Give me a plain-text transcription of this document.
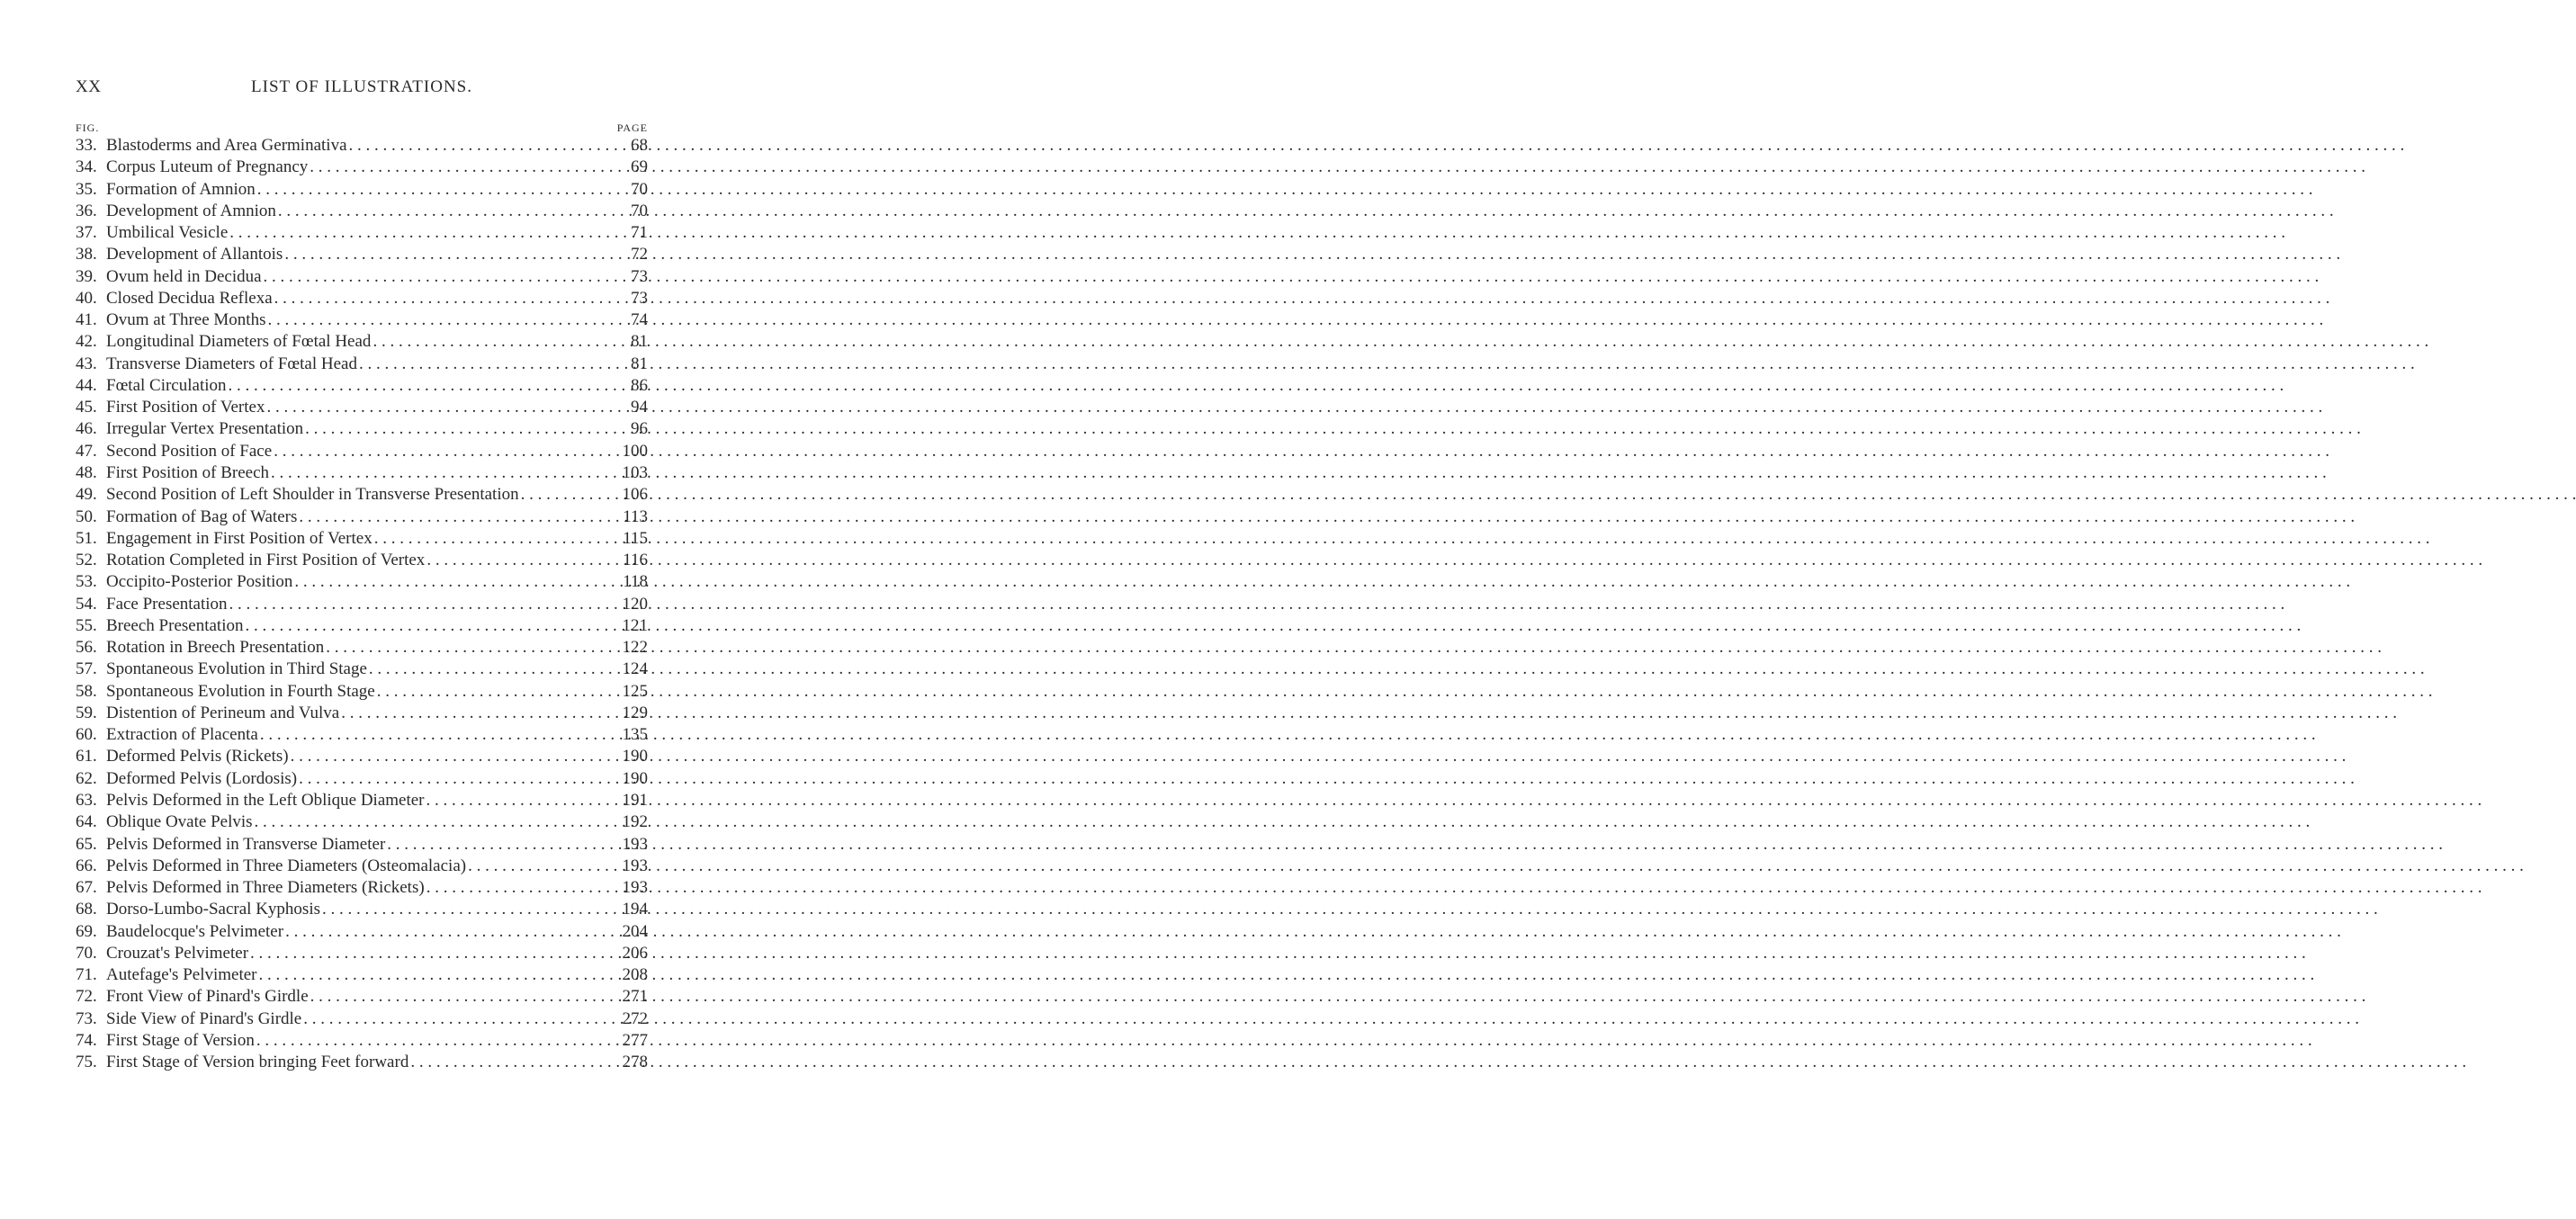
XX	LIST OF ILLUSTRATIONS.
FIG.	PAGE
33. Blastoderms and Area Germinativa . . .	68
34. Corpus Luteum of Pregnancy . . .	69
35. Formation of Amnion . . .	70
36. Development of Amnion . . .	70
37. Umbilical Vesicle . . .	71
38. Development of Allantois . . .	72
39. Ovum held in Decidua . . .	73
40. Closed Decidua Reflexa . . .	73
41. Ovum at Three Months . . .	74
42. Longitudinal Diameters of Fœtal Head . . .	81
43. Transverse Diameters of Fœtal Head . . .	81
44. Fœtal Circulation . . .	86
45. First Position of Vertex . . .	94
46. Irregular Vertex Presentation . . .	96
47. Second Position of Face . . .	100
48. First Position of Breech . . .	103
49. Second Position of Left Shoulder in Transverse Presentation . . .	106
50. Formation of Bag of Waters . . .	113
51. Engagement in First Position of Vertex . . .	115
52. Rotation Completed in First Position of Vertex . . .	116
53. Occipito-Posterior Position . . .	118
54. Face Presentation . . .	120
55. Breech Presentation . . .	121
56. Rotation in Breech Presentation . . .	122
57. Spontaneous Evolution in Third Stage . . .	124
58. Spontaneous Evolution in Fourth Stage . . .	125
59. Distention of Perineum and Vulva . . .	129
60. Extraction of Placenta . . .	135
61. Deformed Pelvis (Rickets) . . .	190
62. Deformed Pelvis (Lordosis) . . .	190
63. Pelvis Deformed in the Left Oblique Diameter . . .	191
64. Oblique Ovate Pelvis . . .	192
65. Pelvis Deformed in Transverse Diameter . . .	193
66. Pelvis Deformed in Three Diameters (Osteomalacia) . . .	193
67. Pelvis Deformed in Three Diameters (Rickets) . . .	193
68. Dorso-Lumbo-Sacral Kyphosis . . .	194
69. Baudelocque's Pelvimeter . . .	204
70. Crouzat's Pelvimeter . . .	206
71. Autefage's Pelvimeter . . .	208
72. Front View of Pinard's Girdle . . .	271
73. Side View of Pinard's Girdle . . .	272
74. First Stage of Version . . .	277
75. First Stage of Version bringing Feet forward . . .	278
